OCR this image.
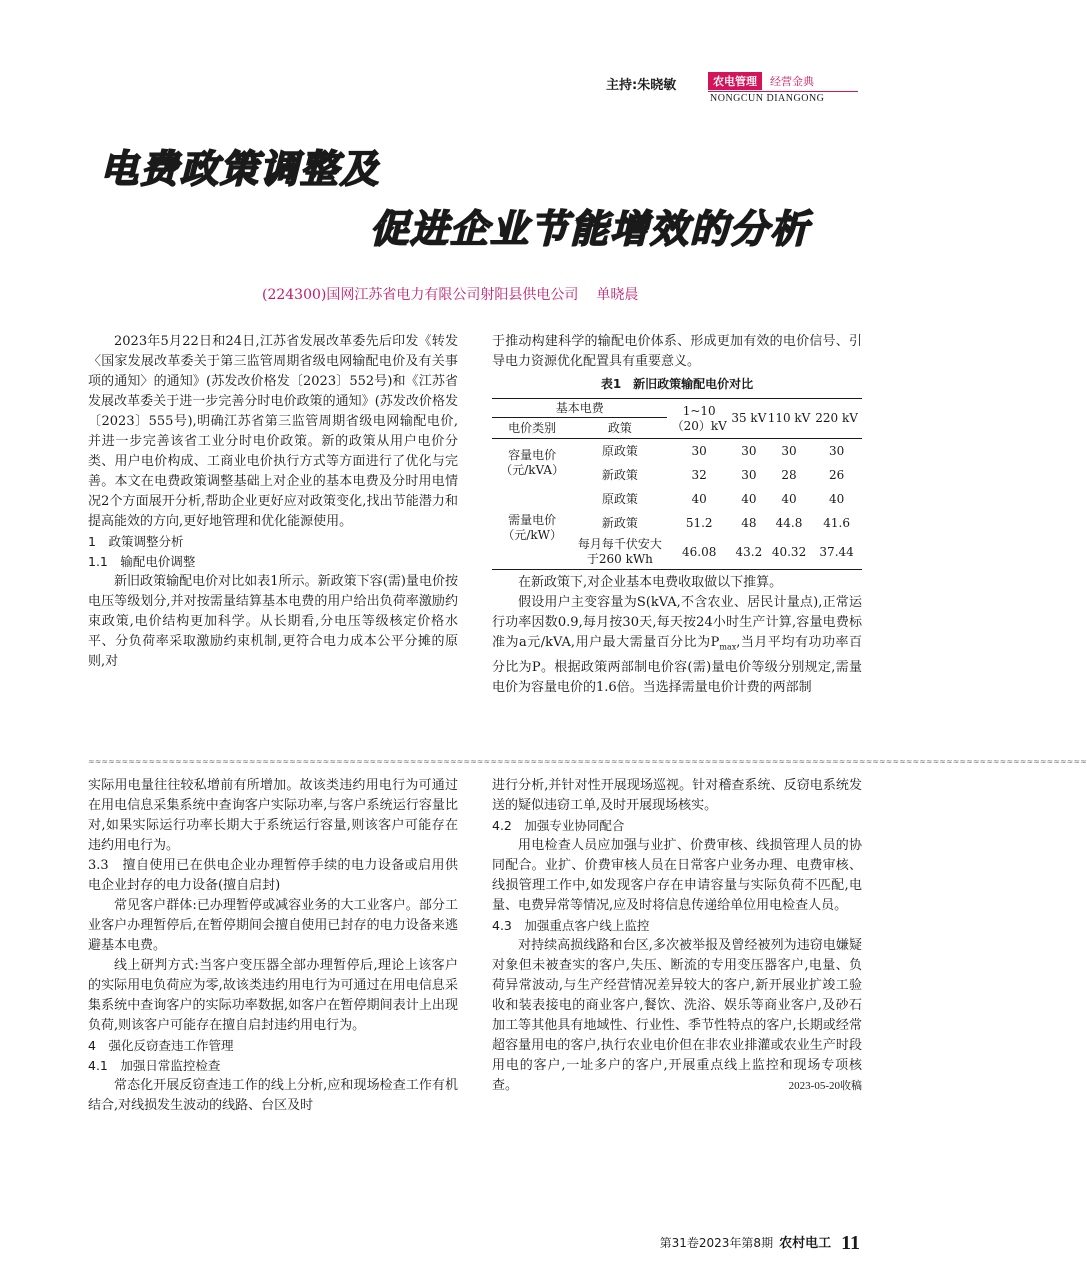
主持:朱晓敏	农电管理 经营金典
NONGCUN DIANGONG
电费政策调整及
促进企业节能增效的分析
(224300)国网江苏省电力有限公司射阳县供电公司 单晓晨

2023年5月22日和24日,江苏省发展改革委先后印发《转发〈国家发展改革委关于第三监管周期省级电网输配电价及有关事项的通知〉的通知》(苏发改价格发〔2023〕552号)和《江苏省发展改革委关于进一步完善分时电价政策的通知》(苏发改价格发〔2023〕555号),明确江苏省第三监管周期省级电网输配电价,并进一步完善该省工业分时电价政策。新的政策从用户电价分类、用户电价构成、工商业电价执行方式等方面进行了优化与完善。本文在电费政策调整基础上对企业的基本电费及分时用电情况2个方面展开分析,帮助企业更好应对政策变化,找出节能潜力和提高能效的方向,更好地管理和优化能源使用。

1　政策调整分析

1.1　输配电价调整

新旧政策输配电价对比如表1所示。新政策下容(需)量电价按电压等级划分,并对按需量结算基本电费的用户给出负荷率激励约束政策,电价结构更加科学。从长期看,分电压等级核定价格水平、分负荷率采取激励约束机制,更符合电力成本公平分摊的原则,对

于推动构建科学的输配电价体系、形成更加有效的电价信号、引导电力资源优化配置具有重要意义。

表1　新旧政策输配电价对比
基本电费		1~10（20）kV	35 kV	110 kV	220 kV
电价类别	政策				
容量电价（元/kVA）	原政策	30	30	30	30
	新政策	32	30	28	26
需量电价（元/kW）	原政策	40	40	40	40
	新政策	51.2	48	44.8	41.6
	每月每千伏安大于260 kWh	46.08	43.2	40.32	37.44

在新政策下,对企业基本电费收取做以下推算。

假设用户主变容量为S(kVA,不含农业、居民计量点),正常运行功率因数0.9,每月按30天,每天按24小时生产计算,容量电费标准为a元/kVA,用户最大需量百分比为$P_{max}$,当月平均有功功率百分比为P。根据政策两部制电价容(需)量电价等级分别规定,需量电价为容量电价的1.6倍。当选择需量电价计费的两部制

≈≈≈≈≈≈≈≈≈≈≈≈≈≈≈≈≈≈≈≈≈≈≈≈≈≈≈≈≈≈≈≈≈≈≈≈≈≈≈≈≈≈≈≈≈≈≈≈≈≈≈≈≈≈≈≈≈≈≈≈≈≈≈≈≈≈≈≈≈≈≈≈≈≈≈≈≈≈≈≈≈≈≈≈≈≈≈≈≈≈≈≈≈≈≈≈≈≈≈≈≈≈≈≈≈≈≈≈≈≈≈≈≈≈≈≈≈≈≈≈≈≈≈≈≈≈≈≈≈≈≈≈≈≈≈≈≈≈≈≈≈≈≈≈≈≈≈≈≈

实际用电量往往较私增前有所增加。故该类违约用电行为可通过在用电信息采集系统中查询客户实际功率,与客户系统运行容量比对,如果实际运行功率长期大于系统运行容量,则该客户可能存在违约用电行为。

3.3　擅自使用已在供电企业办理暂停手续的电力设备或启用供电企业封存的电力设备(擅自启封)

常见客户群体:已办理暂停或减容业务的大工业客户。部分工业客户办理暂停后,在暂停期间会擅自使用已封存的电力设备来逃避基本电费。

线上研判方式:当客户变压器全部办理暂停后,理论上该客户的实际用电负荷应为零,故该类违约用电行为可通过在用电信息采集系统中查询客户的实际功率数据,如客户在暂停期间表计上出现负荷,则该客户可能存在擅自启封违约用电行为。

4　强化反窃查违工作管理

4.1　加强日常监控检查

常态化开展反窃查违工作的线上分析,应和现场检查工作有机结合,对线损发生波动的线路、台区及时

进行分析,并针对性开展现场巡视。针对稽查系统、反窃电系统发送的疑似违窃工单,及时开展现场核实。

4.2　加强专业协同配合

用电检查人员应加强与业扩、价费审核、线损管理人员的协同配合。业扩、价费审核人员在日常客户业务办理、电费审核、线损管理工作中,如发现客户存在申请容量与实际负荷不匹配,电量、电费异常等情况,应及时将信息传递给单位用电检查人员。

4.3　加强重点客户线上监控

对持续高损线路和台区,多次被举报及曾经被列为违窃电嫌疑对象但未被查实的客户,失压、断流的专用变压器客户,电量、负荷异常波动,与生产经营情况差异较大的客户,新开展业扩竣工验收和装表接电的商业客户,餐饮、洗浴、娱乐等商业客户,及砂石加工等其他具有地域性、行业性、季节性特点的客户,长期或经常超容量用电的客户,执行农业电价但在非农业排灌或农业生产时段用电的客户,一址多户的客户,开展重点线上监控和现场专项核查。	2023-05-20收稿

第31卷2023年第8期 农村电工 11
